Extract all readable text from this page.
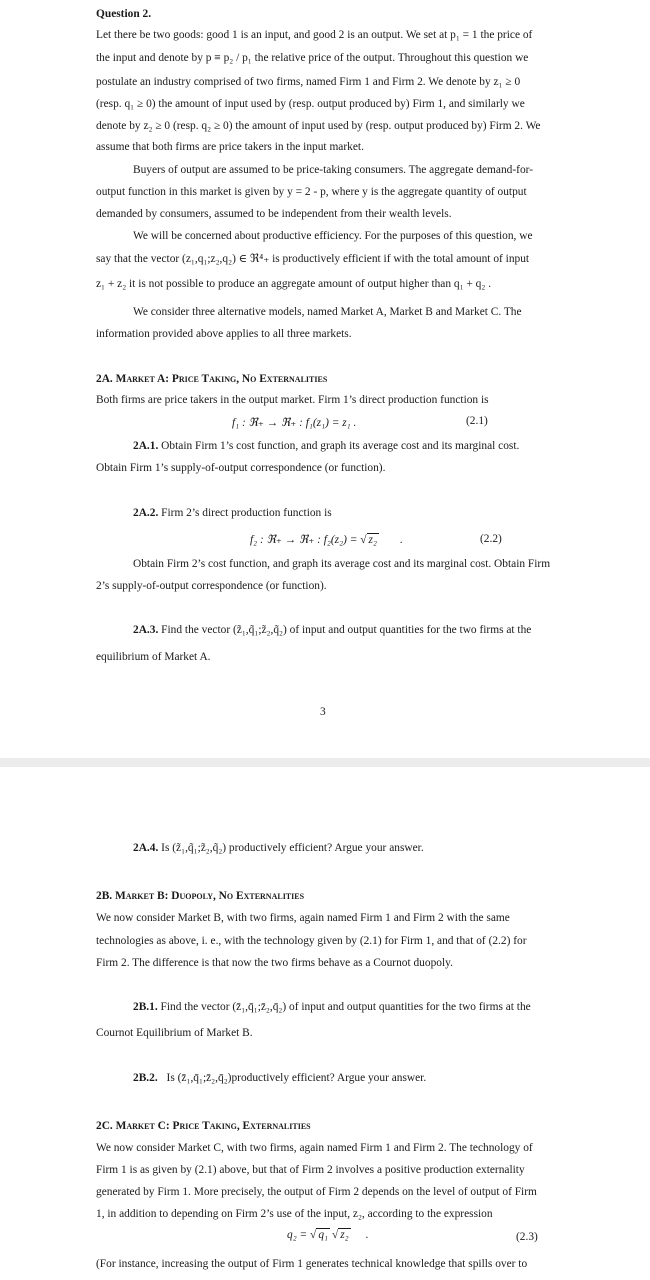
Question 2.
Let there be two goods: good 1 is an input, and good 2 is an output. We set at p₁ = 1 the price of
the input and denote by p ≡ p₂ / p₁ the relative price of the output. Throughout this question we
postulate an industry comprised of two firms, named Firm 1 and Firm 2. We denote by z₁ ≥ 0
(resp. q₁ ≥ 0) the amount of input used by (resp. output produced by) Firm 1, and similarly we
denote by z₂ ≥ 0 (resp. q₂ ≥ 0) the amount of input used by (resp. output produced by) Firm 2. We
assume that both firms are price takers in the input market.
Buyers of output are assumed to be price-taking consumers. The aggregate demand-for-
output function in this market is given by y = 2 - p, where y is the aggregate quantity of output
demanded by consumers, assumed to be independent from their wealth levels.
We will be concerned about productive efficiency. For the purposes of this question, we
say that the vector (z₁,q₁;z₂,q₂) ∈ ℜ⁴₊ is productively efficient if with the total amount of input
z₁ + z₂ it is not possible to produce an aggregate amount of output higher than q₁ + q₂ .
We consider three alternative models, named Market A, Market B and Market C. The
information provided above applies to all three markets.
2A. Market A: Price Taking, No Externalities
Both firms are price takers in the output market. Firm 1’s direct production function is
f₁ : ℜ₊ → ℜ₊ : f₁(z₁) = z₁ .	(2.1)
2A.1. Obtain Firm 1’s cost function, and graph its average cost and its marginal cost.
Obtain Firm 1’s supply-of-output correspondence (or function).
2A.2. Firm 2’s direct production function is
f₂ : ℜ₊ → ℜ₊ : f₂(z₂) = √ z₂ .	(2.2)
Obtain Firm 2’s cost function, and graph its average cost and its marginal cost. Obtain Firm
2’s supply-of-output correspondence (or function).
2A.3. Find the vector (z̃₁,q̃₁;z̃₂,q̃₂) of input and output quantities for the two firms at the
equilibrium of Market A.
3
2A.4. Is (z̃₁,q̃₁;z̃₂,q̃₂) productively efficient? Argue your answer.
2B. Market B: Duopoly, No Externalities
We now consider Market B, with two firms, again named Firm 1 and Firm 2 with the same
technologies as above, i. e., with the technology given by (2.1) for Firm 1, and that of (2.2) for
Firm 2. The difference is that now the two firms behave as a Cournot duopoly.
2B.1. Find the vector (z̄₁,q̄₁;z̄₂,q̄₂) of input and output quantities for the two firms at the
Cournot Equilibrium of Market B.
2B.2. Is (z̄₁,q̄₁;z̄₂,q̄₂)productively efficient? Argue your answer.
2C. Market C: Price Taking, Externalities
We now consider Market C, with two firms, again named Firm 1 and Firm 2. The technology of
Firm 1 is as given by (2.1) above, but that of Firm 2 involves a positive production externality
generated by Firm 1. More precisely, the output of Firm 2 depends on the level of output of Firm
1, in addition to depending on Firm 2’s use of the input, z₂, according to the expression
q₂ = √ q₁ √ z₂ .	(2.3)
(For instance, increasing the output of Firm 1 generates technical knowledge that spills over to
